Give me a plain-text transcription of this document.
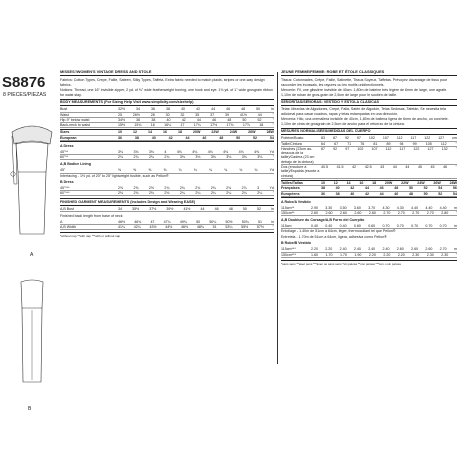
S8876
8 PIECES/PIEZAS
A
B
MISSES'/WOMEN'S VINTAGE DRESS AND STOLE
Fabrics: Cotton Types, Crepe, Faille, Sateen, Silky Types, Taffeta. Extra fabric needed to match plaids, stripes or one-way design fabrics.
Notions: Thread, one 16" invisible zipper, 2 yd. of ⅜" wide featherweight boning; one hook and eye. 1⅛ yd. of 1" wide grosgrain ribbon for waist stay.
BODY MEASUREMENTS (For Sizing Help Visit www.simplicity.com/sizehelp)
Bust	32½	34	36	38	40	42	44	46	48	50	in
Waist	25	26½	28	30	32	35	37	39	41½	44	"
Hip-9" below waist	34½	36	38	40	42	44	46	48	50	52	"
Back-neck to waist	15½	15¾	16	16¼	17	17¼	17½	17¾	17⅞	18	"
Sizes	10	12	14	16	18	20W	22W	24W	26W	28W
European	36	38	40	42	44	46	48	50	52	54
A Dress
45"**	3⅛	3⅛	3⅛	4	4⅛	4⅛	4⅛	4⅛	4⅛	4⅜	Yd
60"**	2¾	2¾	2¾	2¾	3⅛	3⅛	3⅛	3⅛	3⅛	3⅛	"
A,B Bodice Lining
45"	⅝	⅝	⅝	⅝	¾	¾	¾	¾	¾	¾	Yd
Interfacing - 1½ yd. of 20" to 25" lightweight fusible, such as Pellon®
B Dress
45"***	2⅝	2⅝	2⅝	2¾	2¾	2¾	2¾	2¾	2⅞	3	Yd
60"***	2⅛	2⅛	2⅛	2⅛	2¼	2¼	2¼	2¼	2¼	2¼	"
FINISHED GARMENT MEASUREMENTS (Includes Design and Wearing EASE)
A,B Bust	34	35½	37½	39½	41½	44	46	48	50	52	in
Finished back length from base of neck
A	46½	46¾	47	47¼	49¾	50	50¼	50½	50¾	51	in
A,B Width	41¼ 42¼ 43½ 44½ 46½ 48¾ 51 53¼ 55½ 57½ "
*without nap **with nap ***with or without nap
JEUNE FEMME/FEMME: ROBE ET ÉTOLE CLASSIQUES
Tissus: Cotonnades, Crêpe, Faille, Satinette, Tissus Soyeux, Taffetas. Prévoyez davantage de tissu pour raccorder les écossais, les rayures ou les motifs unidirectionnels.
Mercerie: Fil, une glissière invisible de 40cm. 1,80m de baleine très légère de 6mm de large, une agrafe. 1,10m de ruban de gros-grain de 2,5cm de large pour le soutien de taille.
SEÑORITAS/SEÑORAS: VESTIDO Y ESTOLA CLÁSICAS
Telas: Mezclas de Algodones, Crepé, Falla, Satén de Algodón, Telas Sedosas, Tafetán. Se necesita tela adicional para casar cuadros, rayas y telas estampadas en una dirección.
Mercería: Hilo, una cremallera invisible de 40cm, 1,80m de ballena ligera de 6mm de ancho, un corchete. 1,10m de cinta de grosgrain de 2,5cm de ancho para el refuerzo de la cintura.
MESURES NORMALISÉES/MEDIDAS DEL CUERPO
Poitrine/Busto	83 87 92 97 102 107 112 117 122 127 cm
Taille/Cintura	64	67	71	76	81	89	94	99	105	112	"
Hanches (23cm au-dessous de la taille)/Cadera (23 cm debajo de la cintura)
87 92 97 102 107 112 117 122 127 132 "
Dos (encolure à taille)/Espalda (escote a cintura)
40.5 41.5 42 42.5 43 44 44 45 45 46 "
Tailles/Tallas	10 12 14 16 18 20W 22W 24W 26W 28W
Françaises	38	40	42	44	46	48	50	52	54	56
Européens	36	38	40	42	44	46	48	50	52	54
A Robe/A Vestido
115cm**	2.90 3.30 3.50 3.60 3.70 4.30 4.30 4.40 4.40 4.40 m
150cm**	2.60 2.60 2.60 2.60 2.60 2.70 2.70 2.70 2.70 2.80 "
A,B Doublure du Corsage/A,B Forro del Cuerpito
115cm	0.40 0.40 0.40 0.60 0.60 0.70 0.70 0.70 0.70 0.70 m
Entoilage - 1.40m de 51cm à 64cm, léger, thermocollant tel que Pellon®
Entretela - 1.70m de 51cm a 64cm, ligera, adhesiva como Pellon®
B Robe/B Vestido
115cm***	2.20 2.20 2.40 2.40 2.40 2.40 2.60 2.60 2.60 2.70 m
150cm***	1.60 1.70 1.70 1.90 2.20 2.20 2.20 2.30 2.30 2.30 "
*sans sens **avec sens ***avec ou sans sens *sin pelosa **con pelosa ***con o sin pelosa
